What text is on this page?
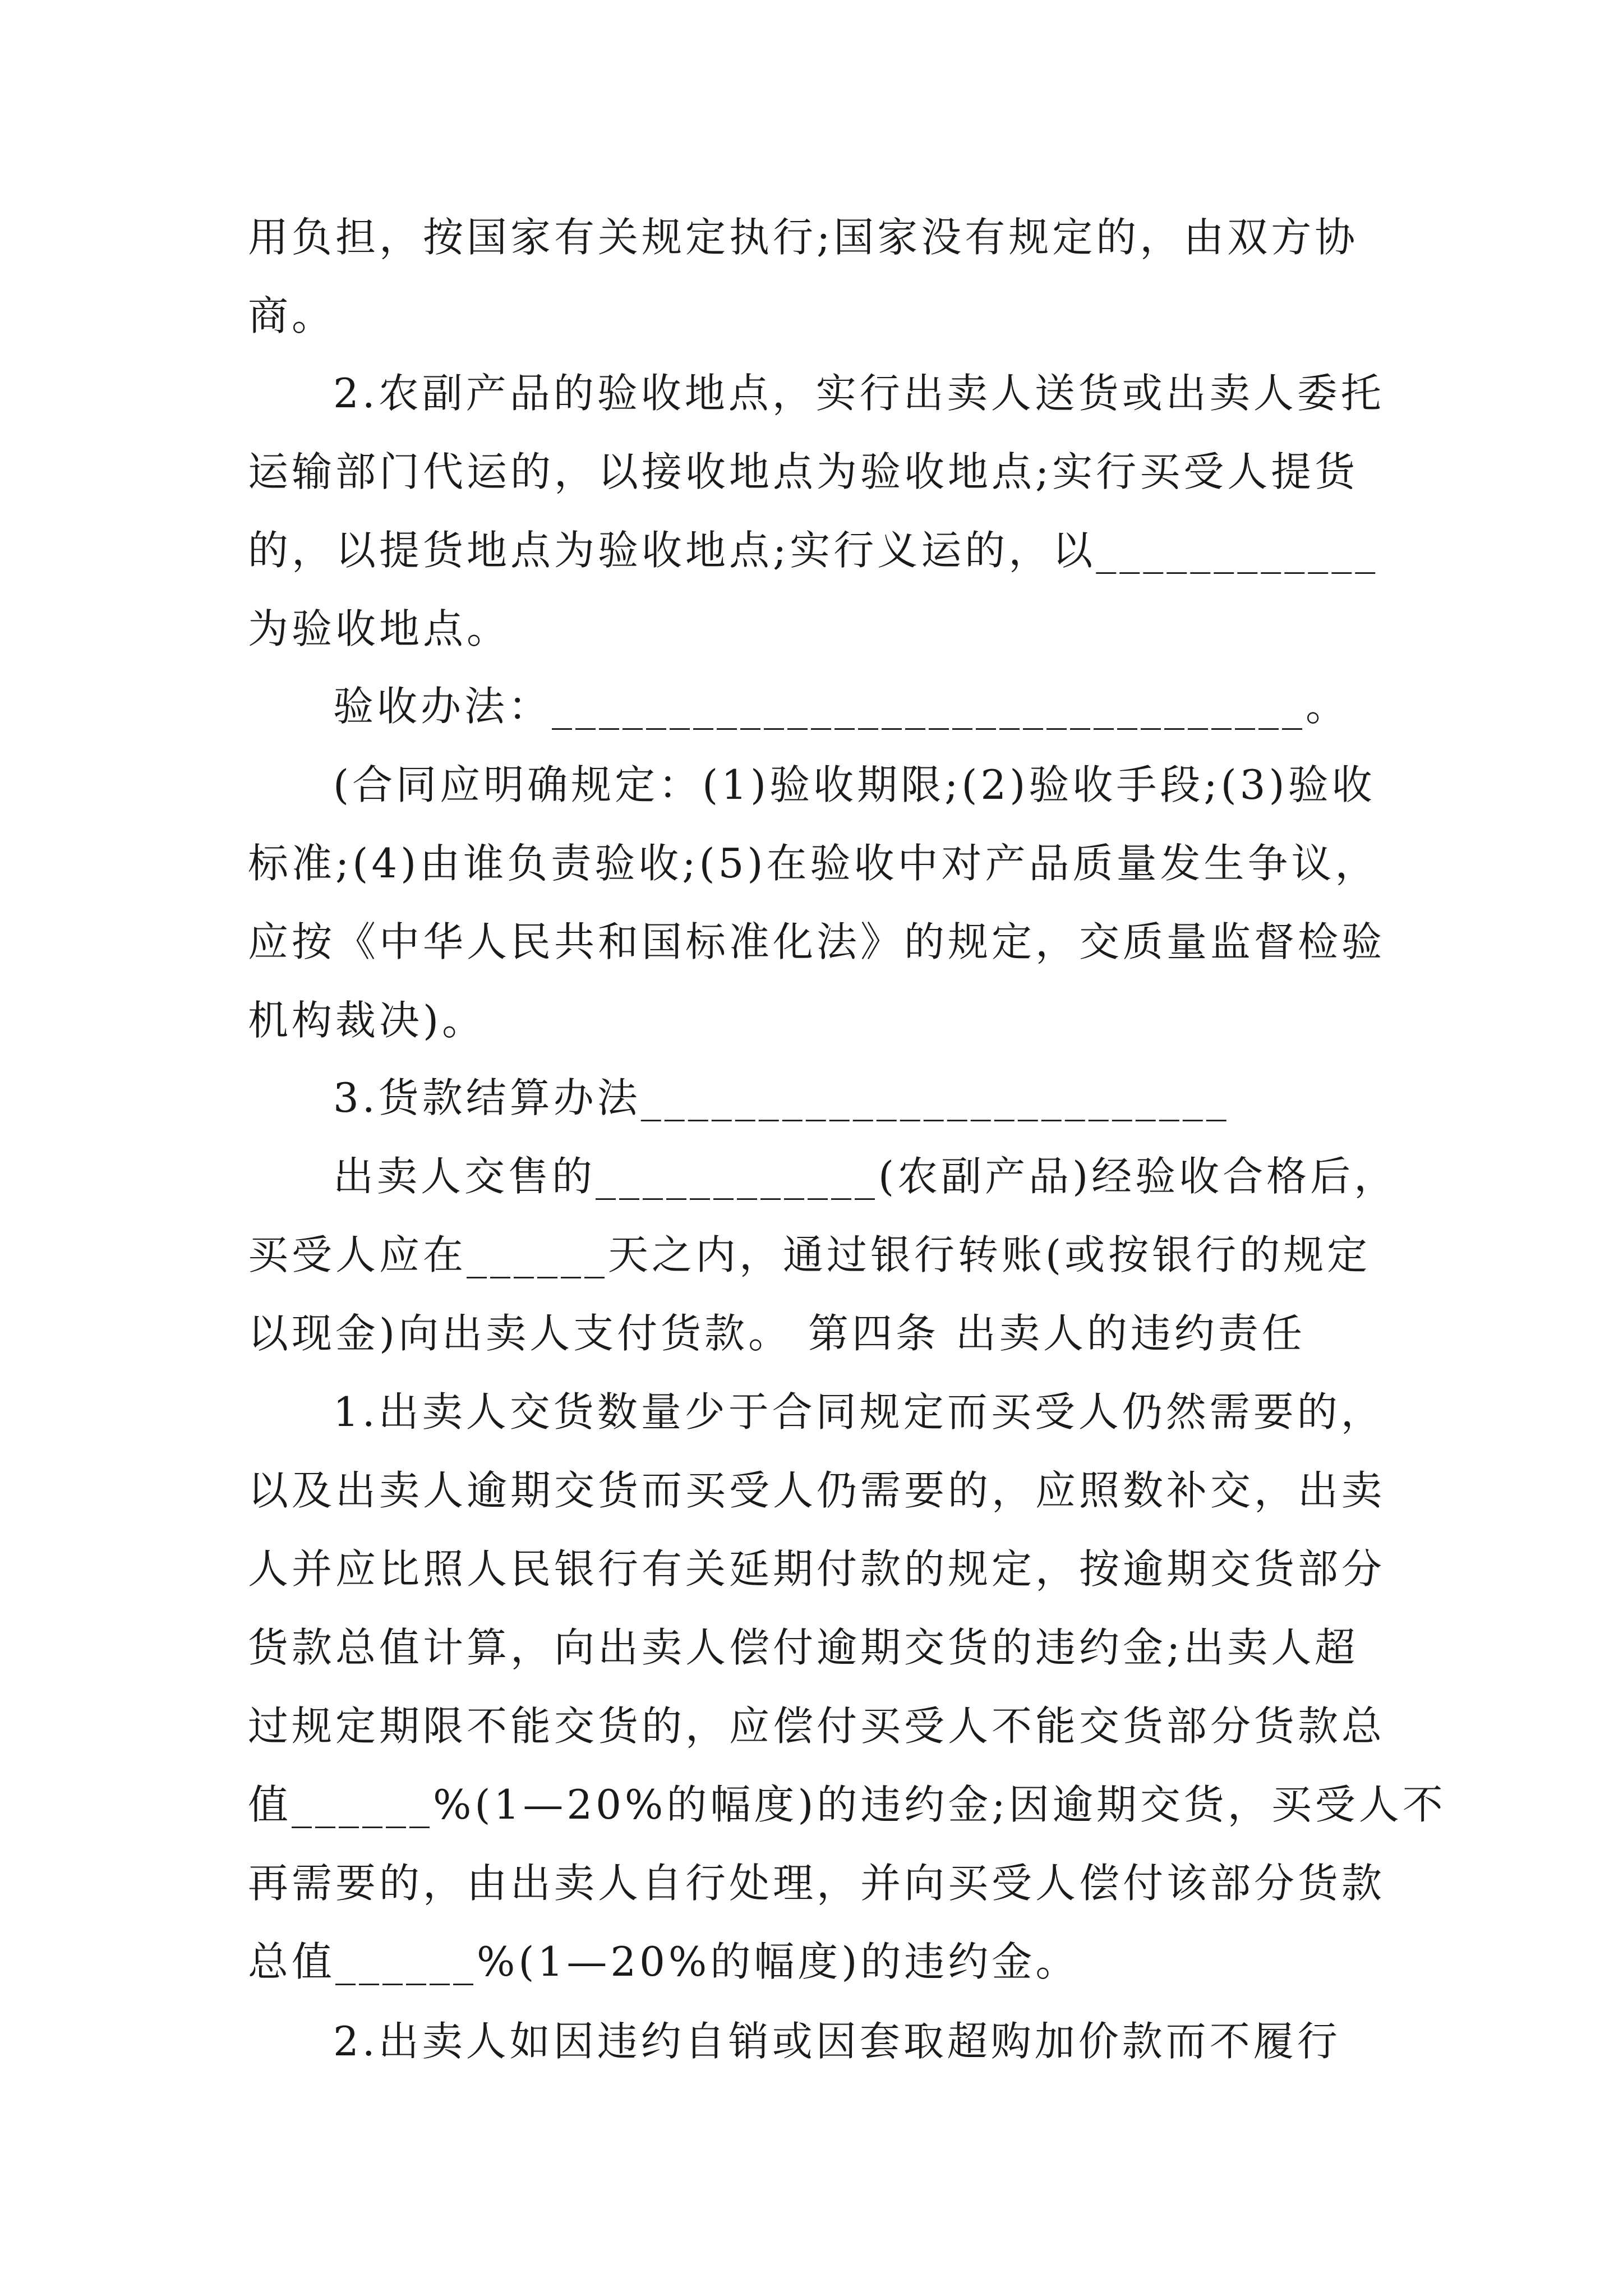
用负担，按国家有关规定执行;国家没有规定的，由双方协
商。
2.农副产品的验收地点，实行出卖人送货或出卖人委托
运输部门代运的，以接收地点为验收地点;实行买受人提货
的，以提货地点为验收地点;实行义运的，以____________
为验收地点。
验收办法：________________________________。
(合同应明确规定：(1)验收期限;(2)验收手段;(3)验收
标准;(4)由谁负责验收;(5)在验收中对产品质量发生争议，
应按《中华人民共和国标准化法》的规定，交质量监督检验
机构裁决)。
3.货款结算办法_________________________
出卖人交售的____________(农副产品)经验收合格后，
买受人应在______天之内，通过银行转账(或按银行的规定
以现金)向出卖人支付货款。 第四条 出卖人的违约责任
1.出卖人交货数量少于合同规定而买受人仍然需要的，
以及出卖人逾期交货而买受人仍需要的，应照数补交，出卖
人并应比照人民银行有关延期付款的规定，按逾期交货部分
货款总值计算，向出卖人偿付逾期交货的违约金;出卖人超
过规定期限不能交货的，应偿付买受人不能交货部分货款总
值______%(1—20%的幅度)的违约金;因逾期交货，买受人不
再需要的，由出卖人自行处理，并向买受人偿付该部分货款
总值______%(1—20%的幅度)的违约金。
2.出卖人如因违约自销或因套取超购加价款而不履行
